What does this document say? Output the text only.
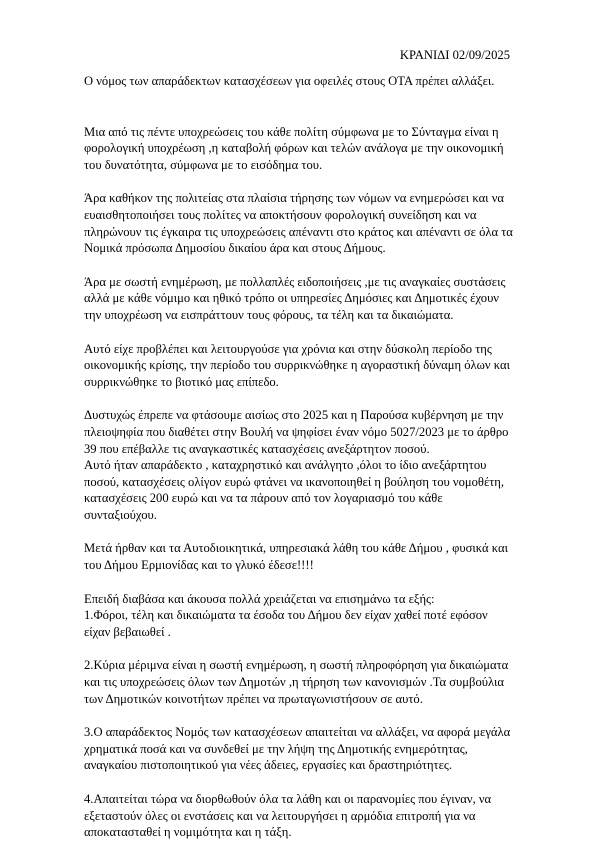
ΚΡΑΝΙΔΙ 02/09/2025

Ο νόμος των απαράδεκτων κατασχέσεων για οφειλές στους ΟΤΑ πρέπει αλλάξει.

Μια από τις πέντε υποχρεώσεις του κάθε πολίτη σύμφωνα με το Σύνταγμα είναι η φορολογική υποχρέωση ,η καταβολή φόρων και τελών ανάλογα με την οικονομική του δυνατότητα, σύμφωνα με το εισόδημα του.

Άρα καθήκον της πολιτείας στα πλαίσια τήρησης των νόμων να ενημερώσει και να ευαισθητοποιήσει τους πολίτες να αποκτήσουν φορολογική συνείδηση και να πληρώνουν τις έγκαιρα τις υποχρεώσεις απέναντι στο κράτος και απέναντι σε όλα τα Νομικά πρόσωπα Δημοσίου δικαίου άρα και στους Δήμους.

Άρα με σωστή ενημέρωση, με πολλαπλές ειδοποιήσεις ,με τις αναγκαίες συστάσεις αλλά με κάθε νόμιμο και ηθικό τρόπο οι υπηρεσίες Δημόσιες και Δημοτικές έχουν την υποχρέωση να εισπράττουν τους φόρους, τα τέλη και τα δικαιώματα.

Αυτό είχε προβλέπει και λειτουργούσε για χρόνια και στην δύσκολη περίοδο της οικονομικής κρίσης, την περίοδο του συρρικνώθηκε η αγοραστική δύναμη όλων και συρρικνώθηκε το βιοτικό μας επίπεδο.

Δυστυχώς έπρεπε να φτάσουμε αισίως στο 2025 και η Παρούσα κυβέρνηση με την πλειοψηφία που διαθέτει στην Βουλή να ψηφίσει έναν νόμο 5027/2023 με το άρθρο 39 που επέβαλλε τις αναγκαστικές κατασχέσεις ανεξάρτητον ποσού.

Αυτό ήταν απαράδεκτο , καταχρηστικό και ανάλγητο ,όλοι το ίδιο ανεξάρτητου ποσού, κατασχέσεις ολίγον ευρώ φτάνει να ικανοποιηθεί η βούληση του νομοθέτη, κατασχέσεις 200 ευρώ και να τα πάρουν από τον λογαριασμό του κάθε συνταξιούχου.

Μετά ήρθαν και τα Αυτοδιοικητικά, υπηρεσιακά λάθη του κάθε Δήμου , φυσικά και του Δήμου Ερμιονίδας και το γλυκό έδεσε!!!!

Επειδή διαβάσα και άκουσα πολλά χρειάζεται να επισημάνω τα εξής:

1.Φόροι, τέλη και δικαιώματα τα έσοδα του Δήμου δεν είχαν χαθεί ποτέ εφόσον είχαν βεβαιωθεί .

2.Κύρια μέριμνα είναι η σωστή ενημέρωση, η σωστή πληροφόρηση για δικαιώματα και τις υποχρεώσεις όλων των Δημοτών ,η τήρηση των κανονισμών .Τα συμβούλια των Δημοτικών κοινοτήτων πρέπει να πρωταγωνιστήσουν σε αυτό.

3.Ο απαράδεκτος Νομός των κατασχέσεων απαιτείται να αλλάξει, να αφορά μεγάλα χρηματικά ποσά και να συνδεθεί με την λήψη της Δημοτικής ενημερότητας, αναγκαίου πιστοποιητικού για νέες άδειες, εργασίες και δραστηριότητες.

4.Απαιτείται τώρα να διορθωθούν όλα τα λάθη και οι παρανομίες που έγιναν, να εξεταστούν όλες οι ενστάσεις και να λειτουργήσει η αρμόδια επιτροπή για να αποκατασταθεί η νομιμότητα και η τάξη.
